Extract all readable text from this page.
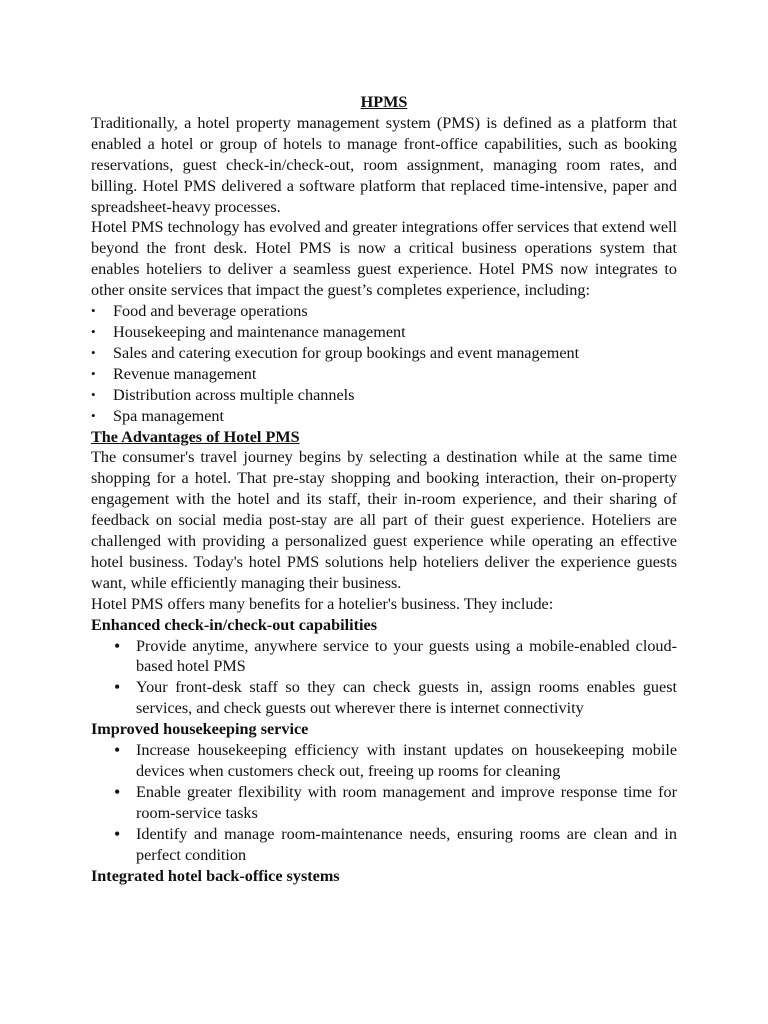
HPMS

Traditionally, a hotel property management system (PMS) is defined as a platform that enabled a hotel or group of hotels to manage front-office capabilities, such as booking reservations, guest check-in/check-out, room assignment, managing room rates, and billing. Hotel PMS delivered a software platform that replaced time-intensive, paper and spreadsheet-heavy processes.

Hotel PMS technology has evolved and greater integrations offer services that extend well beyond the front desk. Hotel PMS is now a critical business operations system that enables hoteliers to deliver a seamless guest experience. Hotel PMS now integrates to other onsite services that impact the guest’s completes experience, including:

• Food and beverage operations
• Housekeeping and maintenance management
• Sales and catering execution for group bookings and event management
• Revenue management
• Distribution across multiple channels
• Spa management
The Advantages of Hotel PMS

The consumer's travel journey begins by selecting a destination while at the same time shopping for a hotel. That pre-stay shopping and booking interaction, their on-property engagement with the hotel and its staff, their in-room experience, and their sharing of feedback on social media post-stay are all part of their guest experience. Hoteliers are challenged with providing a personalized guest experience while operating an effective hotel business. Today's hotel PMS solutions help hoteliers deliver the experience guests want, while efficiently managing their business.

Hotel PMS offers many benefits for a hotelier's business. They include:

Enhanced check-in/check-out capabilities
• Provide anytime, anywhere service to your guests using a mobile-enabled cloud-based hotel PMS
• Your front-desk staff so they can check guests in, assign rooms enables guest services, and check guests out wherever there is internet connectivity
Improved housekeeping service
• Increase housekeeping efficiency with instant updates on housekeeping mobile devices when customers check out, freeing up rooms for cleaning
• Enable greater flexibility with room management and improve response time for room-service tasks
• Identify and manage room-maintenance needs, ensuring rooms are clean and in perfect condition
Integrated hotel back-office systems
